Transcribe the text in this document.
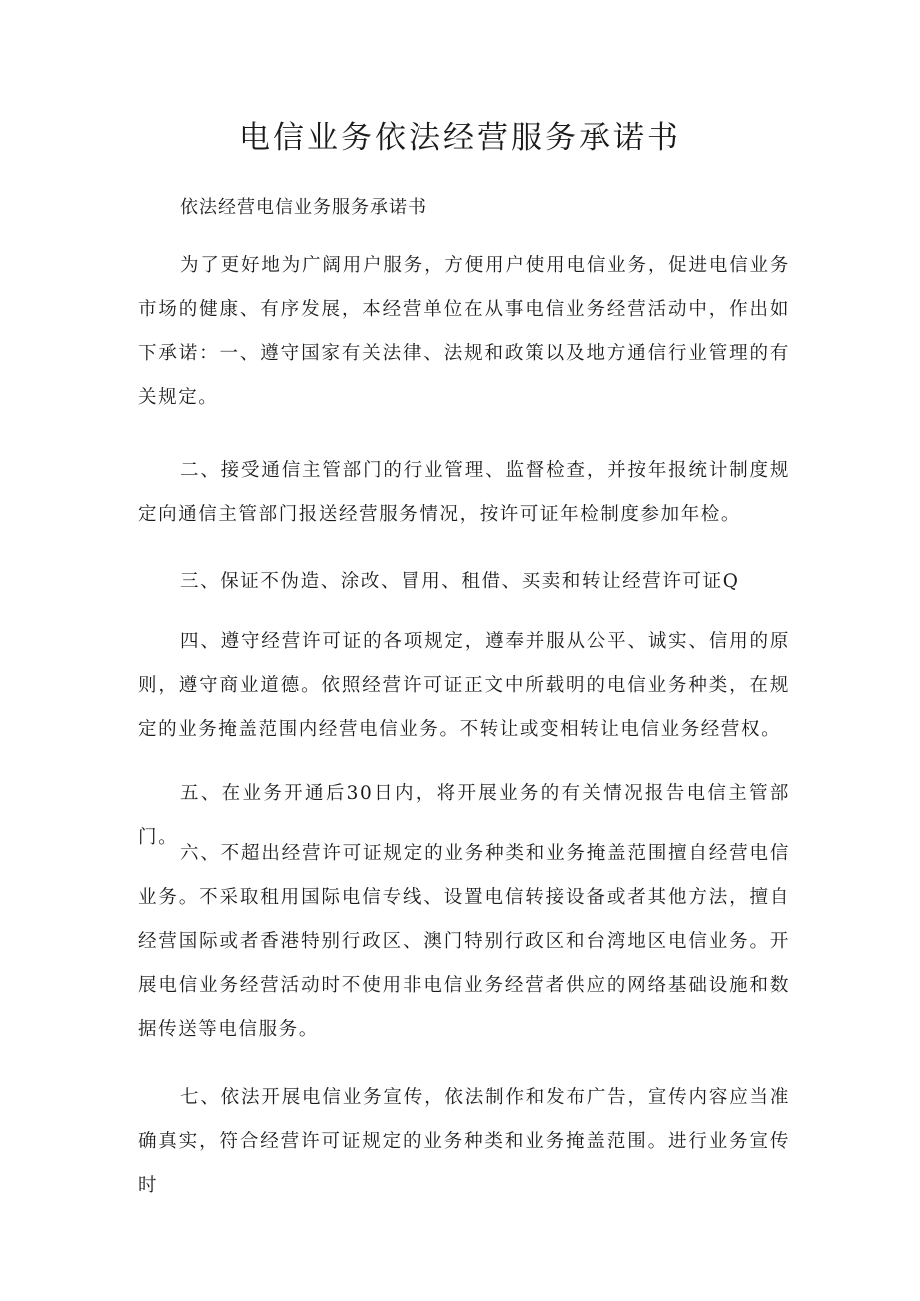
电信业务依法经营服务承诺书

依法经营电信业务服务承诺书

为了更好地为广阔用户服务，方便用户使用电信业务，促进电信业务市场的健康、有序发展，本经营单位在从事电信业务经营活动中，作出如下承诺：一、遵守国家有关法律、法规和政策以及地方通信行业管理的有关规定。

二、接受通信主管部门的行业管理、监督检查，并按年报统计制度规定向通信主管部门报送经营服务情况，按许可证年检制度参加年检。

三、保证不伪造、涂改、冒用、租借、买卖和转让经营许可证Q

四、遵守经营许可证的各项规定，遵奉并服从公平、诚实、信用的原则，遵守商业道德。依照经营许可证正文中所载明的电信业务种类，在规定的业务掩盖范围内经营电信业务。不转让或变相转让电信业务经营权。

五、在业务开通后30日内，将开展业务的有关情况报告电信主管部门。

六、不超出经营许可证规定的业务种类和业务掩盖范围擅自经营电信业务。不采取租用国际电信专线、设置电信转接设备或者其他方法，擅自经营国际或者香港特别行政区、澳门特别行政区和台湾地区电信业务。开展电信业务经营活动时不使用非电信业务经营者供应的网络基础设施和数据传送等电信服务。

七、依法开展电信业务宣传，依法制作和发布广告，宣传内容应当准确真实，符合经营许可证规定的业务种类和业务掩盖范围。进行业务宣传时
